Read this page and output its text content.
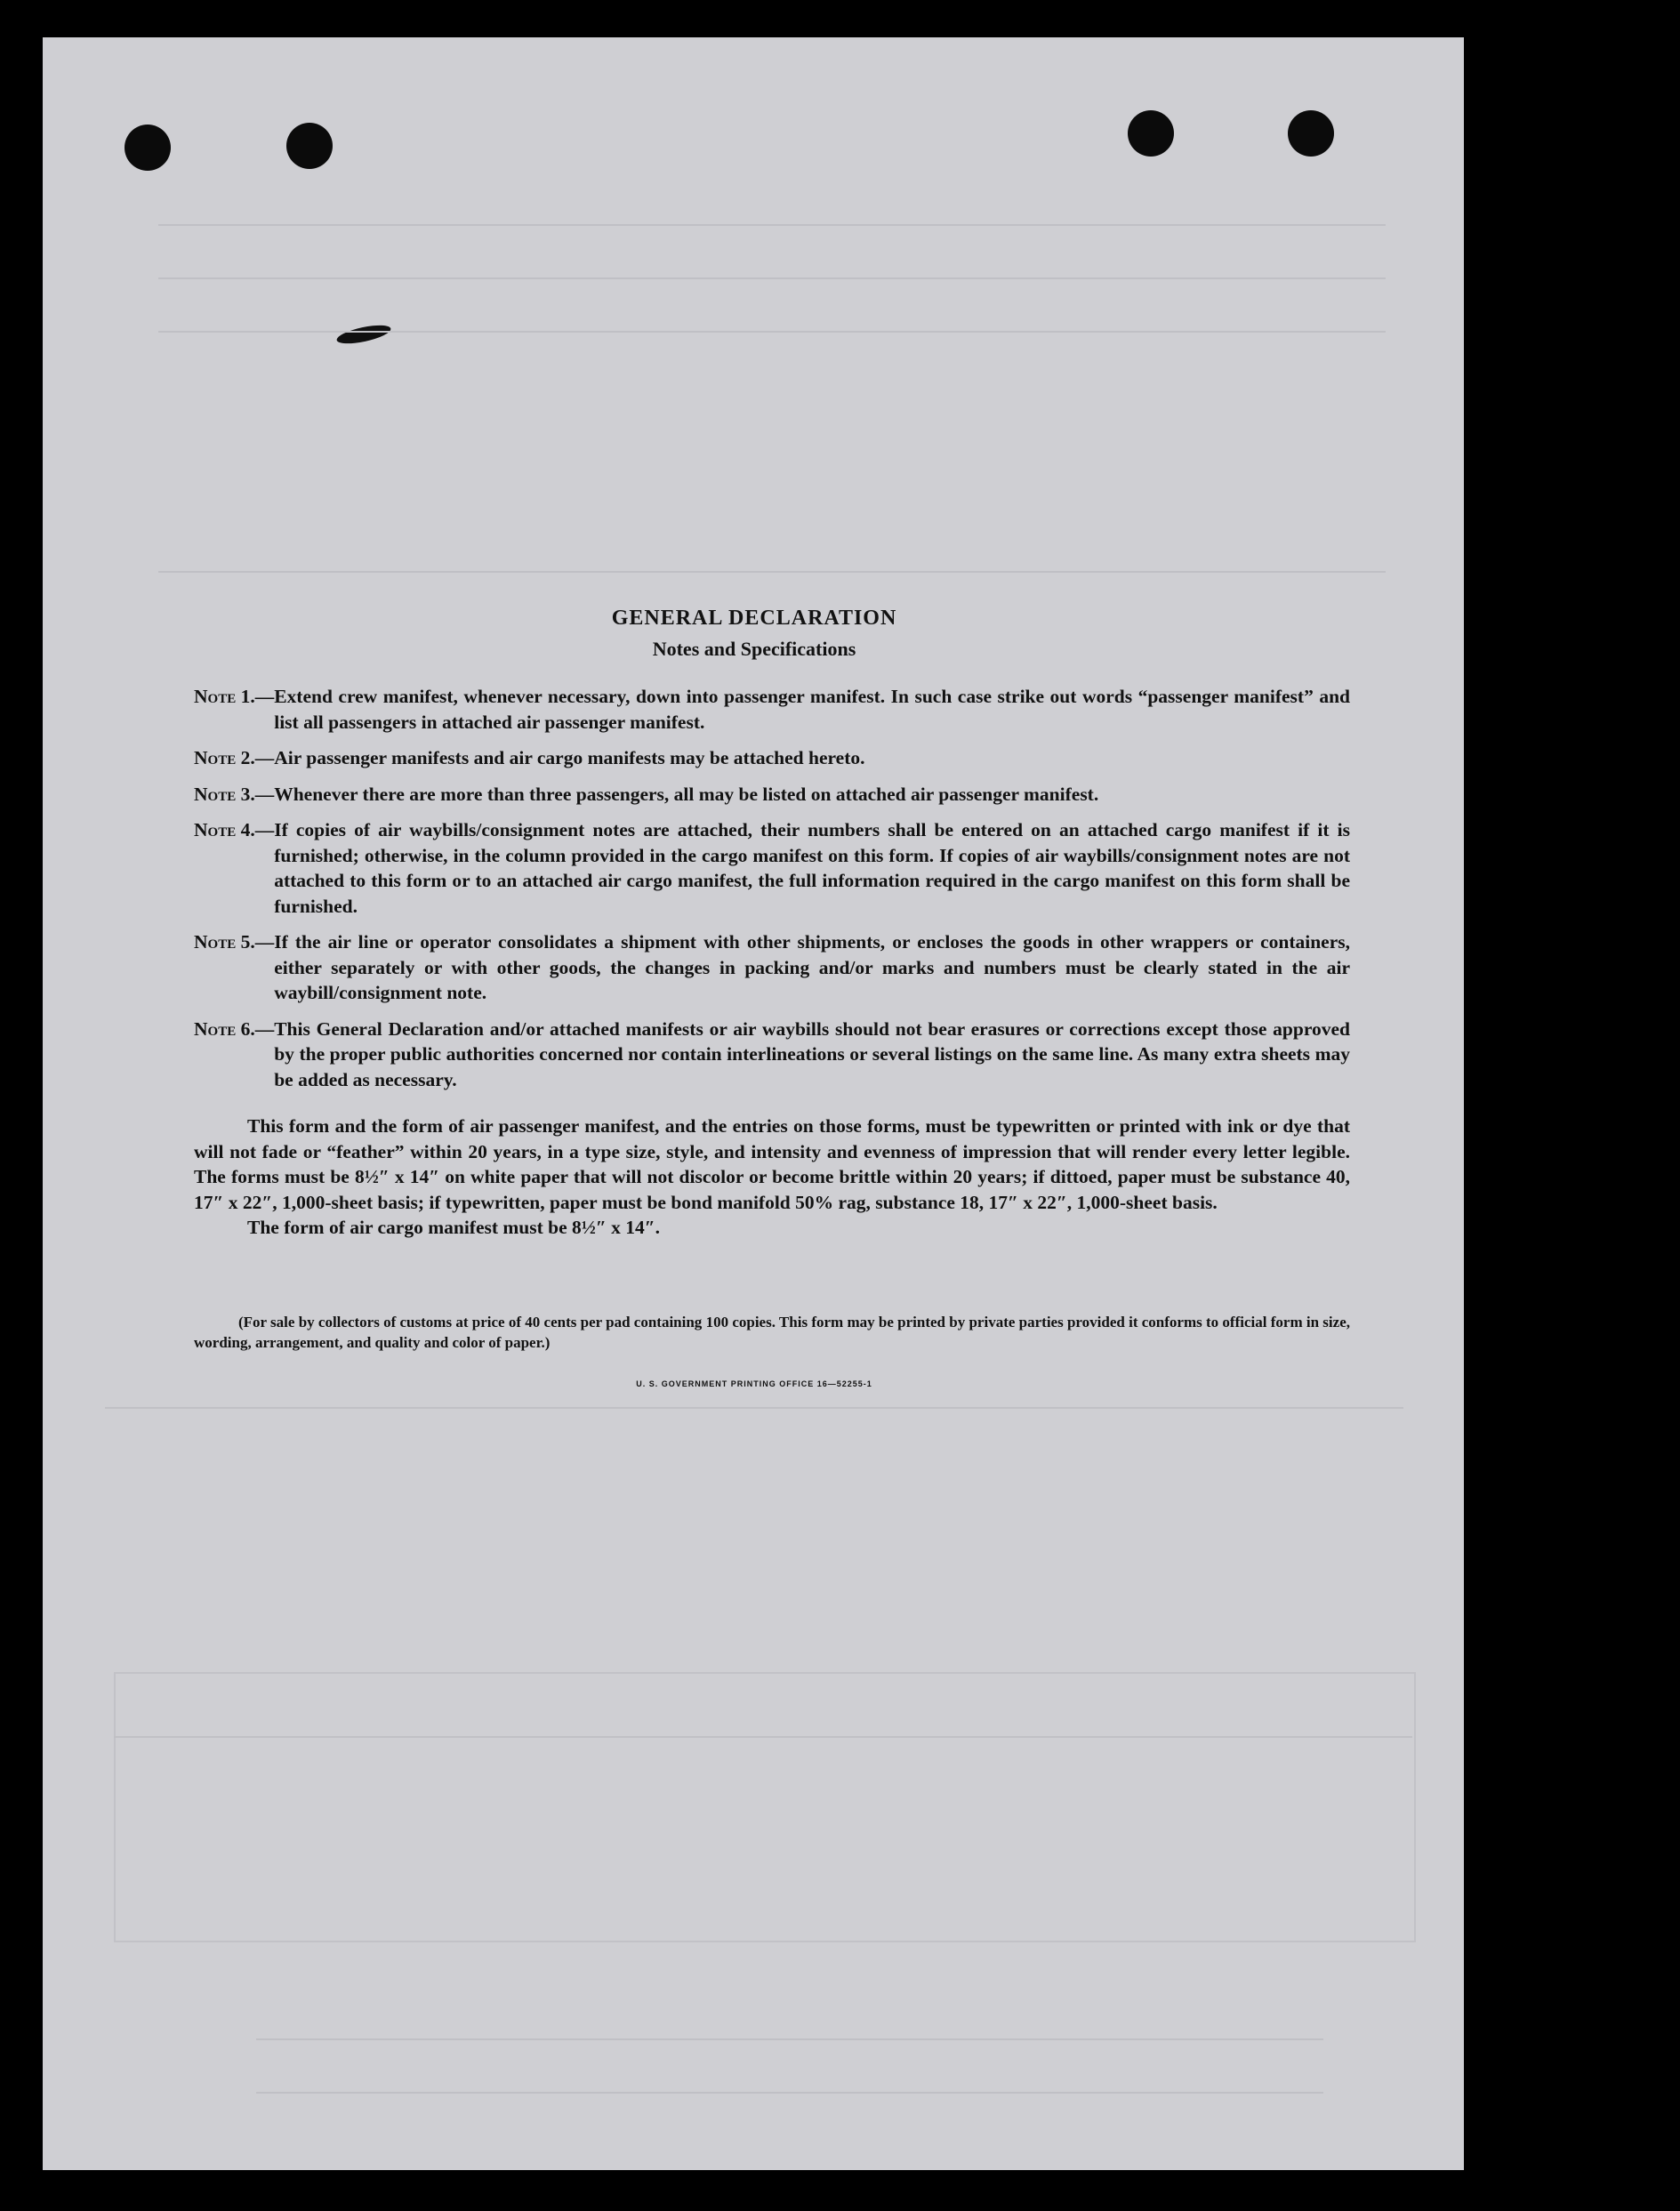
GENERAL DECLARATION
Notes and Specifications
Note 1.— Extend crew manifest, whenever necessary, down into passenger manifest. In such case strike out words “passenger manifest” and list all passengers in attached air passenger manifest.
Note 2.— Air passenger manifests and air cargo manifests may be attached hereto.
Note 3.— Whenever there are more than three passengers, all may be listed on attached air passenger manifest.
Note 4.— If copies of air waybills/consignment notes are attached, their numbers shall be entered on an attached cargo manifest if it is furnished; otherwise, in the column provided in the cargo manifest on this form. If copies of air waybills/consignment notes are not attached to this form or to an attached air cargo manifest, the full information required in the cargo manifest on this form shall be furnished.
Note 5.— If the air line or operator consolidates a shipment with other shipments, or encloses the goods in other wrappers or containers, either separately or with other goods, the changes in packing and/or marks and numbers must be clearly stated in the air waybill/consignment note.
Note 6.— This General Declaration and/or attached manifests or air waybills should not bear erasures or corrections except those approved by the proper public authorities concerned nor contain interlineations or several listings on the same line. As many extra sheets may be added as necessary.
This form and the form of air passenger manifest, and the entries on those forms, must be typewritten or printed with ink or dye that will not fade or “feather” within 20 years, in a type size, style, and intensity and evenness of impression that will render every letter legible. The forms must be 8½″ x 14″ on white paper that will not discolor or become brittle within 20 years; if dittoed, paper must be substance 40, 17″ x 22″, 1,000-sheet basis; if typewritten, paper must be bond manifold 50% rag, substance 18, 17″ x 22″, 1,000-sheet basis.
The form of air cargo manifest must be 8½″ x 14″.
(For sale by collectors of customs at price of 40 cents per pad containing 100 copies. This form may be printed by private parties provided it conforms to official form in size, wording, arrangement, and quality and color of paper.)
U. S. GOVERNMENT PRINTING OFFICE 16—52255-1
